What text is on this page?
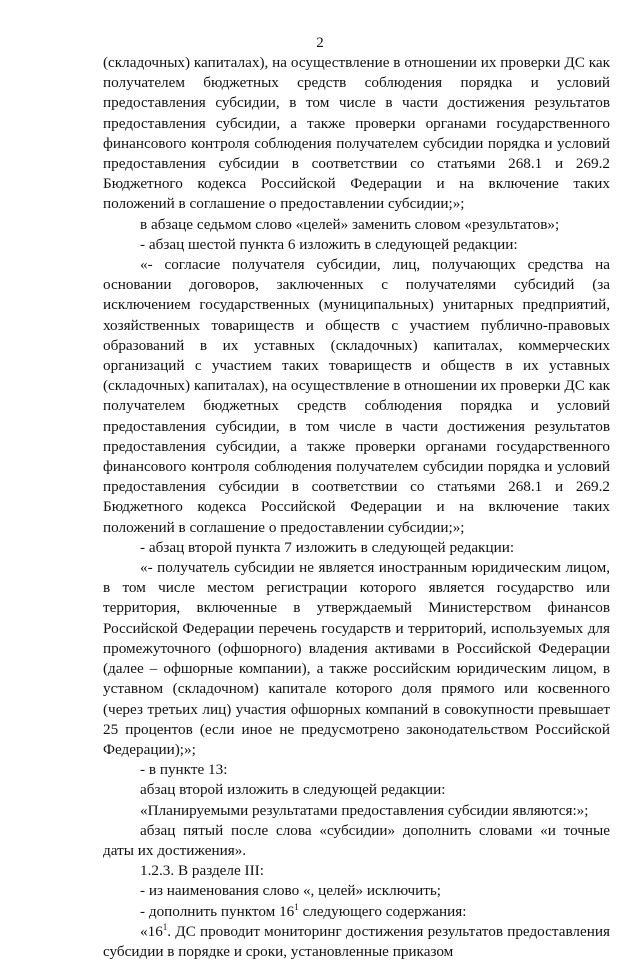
2

(складочных) капиталах), на осуществление в отношении их проверки ДС как получателем бюджетных средств соблюдения порядка и условий предоставления субсидии, в том числе в части достижения результатов предоставления субсидии, а также проверки органами государственного финансового контроля соблюдения получателем субсидии порядка и условий предоставления субсидии в соответствии со статьями 268.1 и 269.2 Бюджетного кодекса Российской Федерации и на включение таких положений в соглашение о предоставлении субсидии;»;

в абзаце седьмом слово «целей» заменить словом «результатов»;

- абзац шестой пункта 6 изложить в следующей редакции:

«- согласие получателя субсидии, лиц, получающих средства на основании договоров, заключенных с получателями субсидий (за исключением государственных (муниципальных) унитарных предприятий, хозяйственных товариществ и обществ с участием публично-правовых образований в их уставных (складочных) капиталах, коммерческих организаций с участием таких товариществ и обществ в их уставных (складочных) капиталах), на осуществление в отношении их проверки ДС как получателем бюджетных средств соблюдения порядка и условий предоставления субсидии, в том числе в части достижения результатов предоставления субсидии, а также проверки органами государственного финансового контроля соблюдения получателем субсидии порядка и условий предоставления субсидии в соответствии со статьями 268.1 и 269.2 Бюджетного кодекса Российской Федерации и на включение таких положений в соглашение о предоставлении субсидии;»;

- абзац второй пункта 7 изложить в следующей редакции:

«- получатель субсидии не является иностранным юридическим лицом, в том числе местом регистрации которого является государство или территория, включенные в утверждаемый Министерством финансов Российской Федерации перечень государств и территорий, используемых для промежуточного (офшорного) владения активами в Российской Федерации (далее – офшорные компании), а также российским юридическим лицом, в уставном (складочном) капитале которого доля прямого или косвенного (через третьих лиц) участия офшорных компаний в совокупности превышает 25 процентов (если иное не предусмотрено законодательством Российской Федерации);»;

- в пункте 13:

абзац второй изложить в следующей редакции:

«Планируемыми результатами предоставления субсидии являются:»;

абзац пятый после слова «субсидии» дополнить словами «и точные даты их достижения».

1.2.3. В разделе III:

- из наименования слово «, целей» исключить;

- дополнить пунктом $16^1$ следующего содержания:

«$16^1$. ДС проводит мониторинг достижения результатов предоставления субсидии в порядке и сроки, установленные приказом
